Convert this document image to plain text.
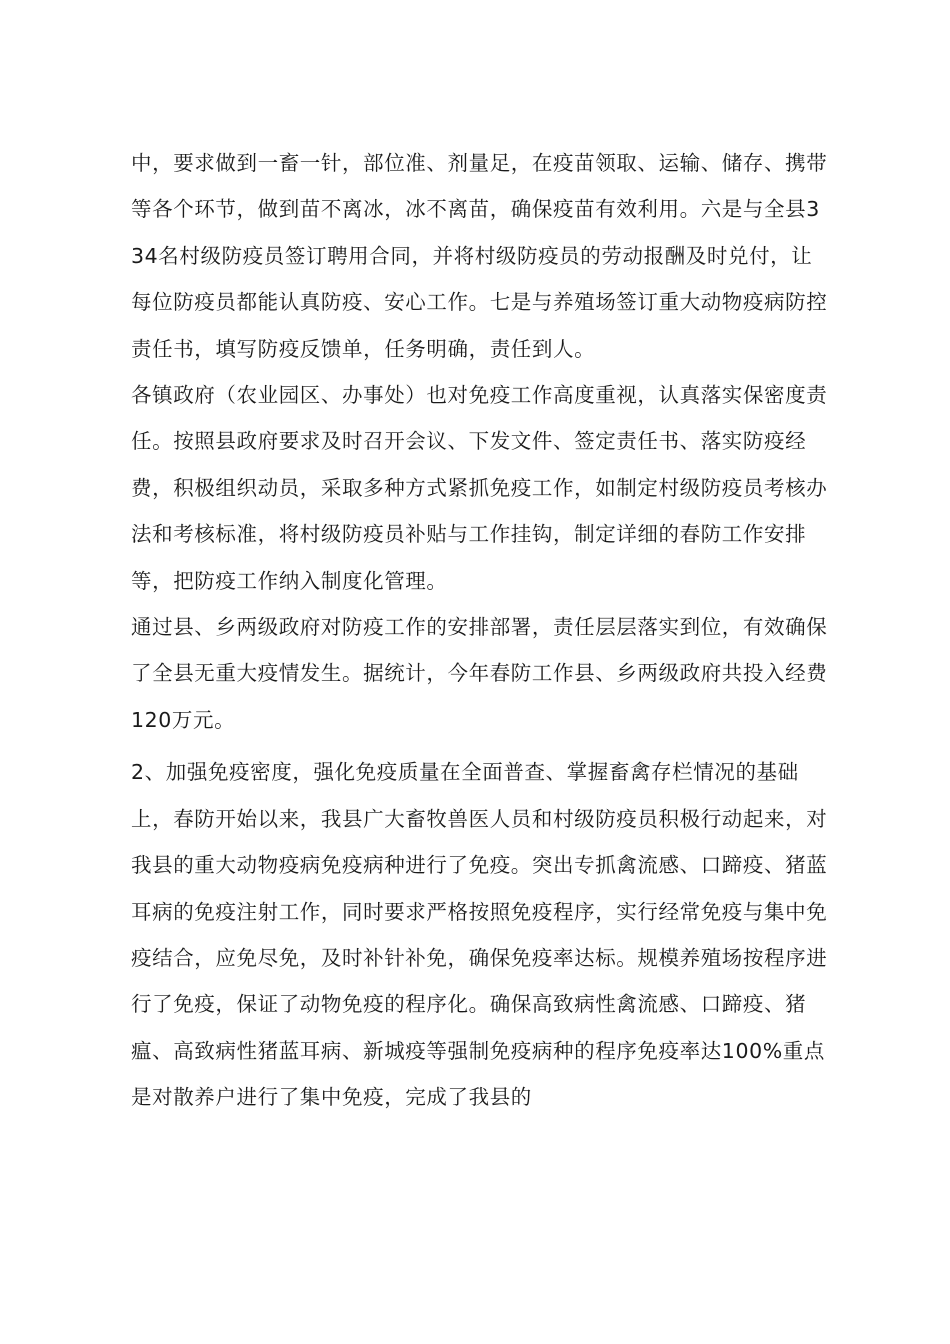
中，要求做到一畜一针，部位准、剂量足，在疫苗领取、运输、储存、携带等各个环节，做到苗不离冰，冰不离苗，确保疫苗有效利用。六是与全县334名村级防疫员签订聘用合同，并将村级防疫员的劳动报酬及时兑付，让每位防疫员都能认真防疫、安心工作。七是与养殖场签订重大动物疫病防控责任书，填写防疫反馈单，任务明确，责任到人。

各镇政府（农业园区、办事处）也对免疫工作高度重视，认真落实保密度责任。按照县政府要求及时召开会议、下发文件、签定责任书、落实防疫经费，积极组织动员，采取多种方式紧抓免疫工作，如制定村级防疫员考核办法和考核标准，将村级防疫员补贴与工作挂钩，制定详细的春防工作安排等，把防疫工作纳入制度化管理。

通过县、乡两级政府对防疫工作的安排部署，责任层层落实到位，有效确保了全县无重大疫情发生。据统计，今年春防工作县、乡两级政府共投入经费120万元。

2、加强免疫密度，强化免疫质量在全面普查、掌握畜禽存栏情况的基础上，春防开始以来，我县广大畜牧兽医人员和村级防疫员积极行动起来，对我县的重大动物疫病免疫病种进行了免疫。突出专抓禽流感、口蹄疫、猪蓝耳病的免疫注射工作，同时要求严格按照免疫程序，实行经常免疫与集中免疫结合，应免尽免，及时补针补免，确保免疫率达标。规模养殖场按程序进行了免疫，保证了动物免疫的程序化。确保高致病性禽流感、口蹄疫、猪瘟、高致病性猪蓝耳病、新城疫等强制免疫病种的程序免疫率达100%重点是对散养户进行了集中免疫，完成了我县的
